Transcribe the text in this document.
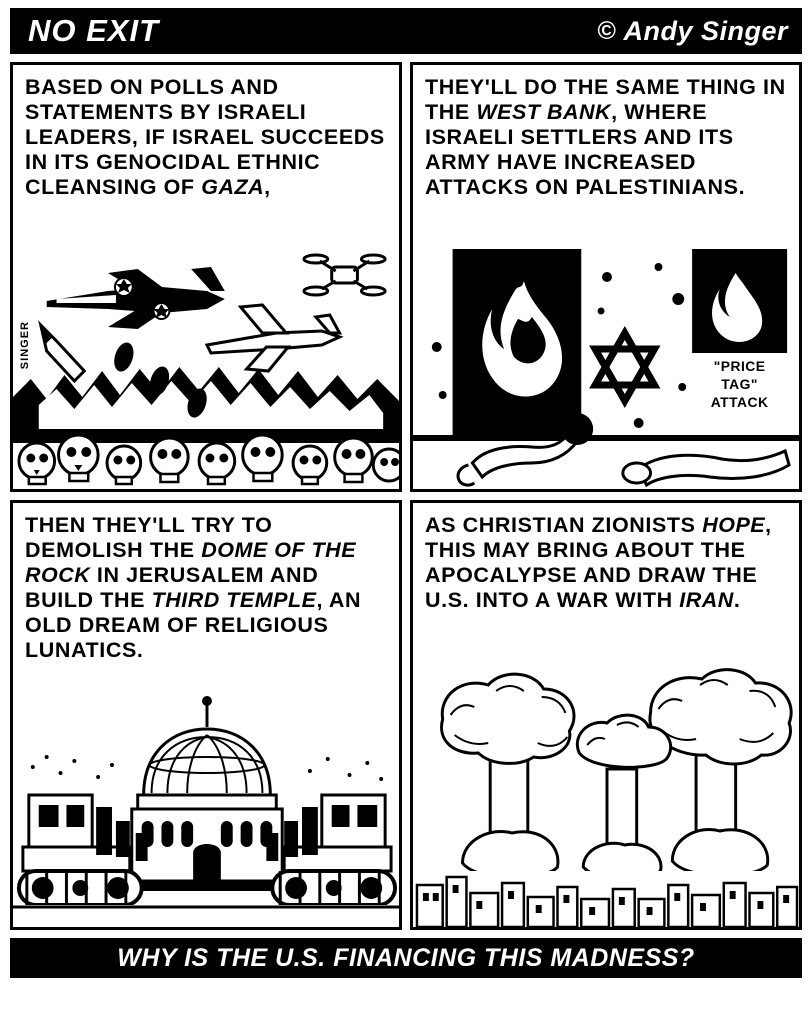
NO EXIT	© Andy Singer
BASED ON POLLS AND STATEMENTS BY ISRAELI LEADERS, IF ISRAEL SUCCEEDS IN ITS GENOCIDAL ETHNIC CLEANSING OF GAZA,
SINGER
THEY'LL DO THE SAME THING IN THE WEST BANK, WHERE ISRAELI SETTLERS AND ITS ARMY HAVE INCREASED ATTACKS ON PALESTINIANS.
"PRICE
TAG"
ATTACK
THEN THEY'LL TRY TO DEMOLISH THE DOME OF THE ROCK IN JERUSALEM AND BUILD THE THIRD TEMPLE, AN OLD DREAM OF RELIGIOUS LUNATICS.
AS CHRISTIAN ZIONISTS HOPE, THIS MAY BRING ABOUT THE APOCALYPSE AND DRAW THE U.S. INTO A WAR WITH IRAN.
WHY IS THE U.S. FINANCING THIS MADNESS?
